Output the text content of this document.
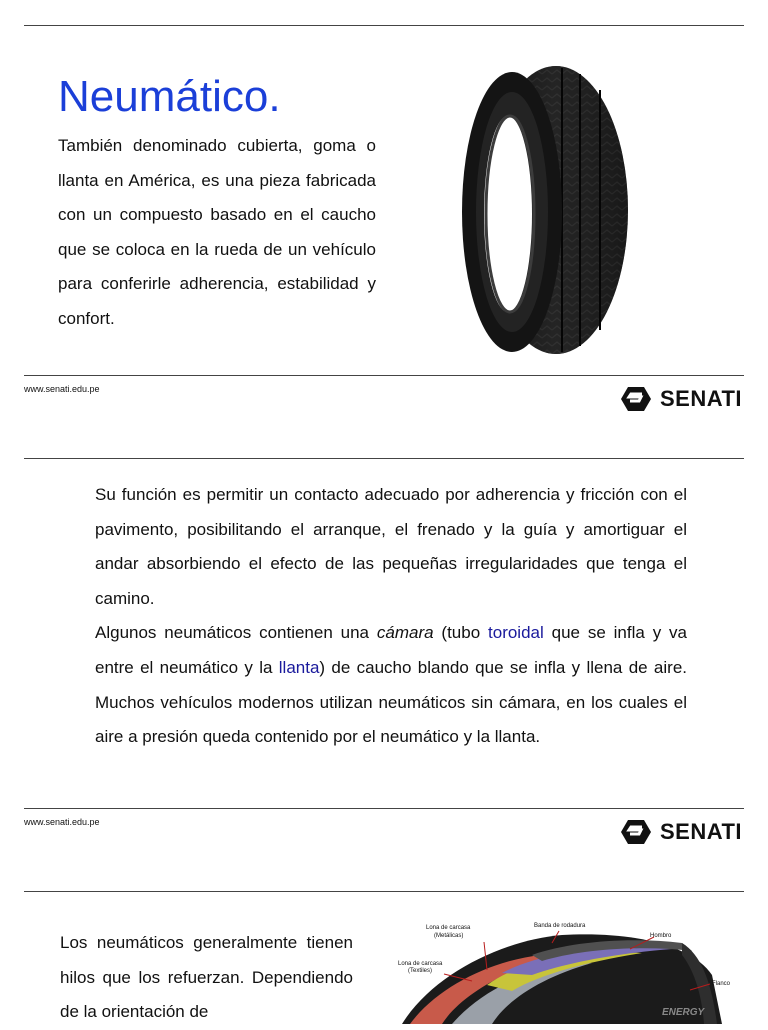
Neumático.
También denominado cubierta, goma o llanta en América, es una pieza fabricada con un compuesto basado en el caucho que se coloca en la rueda de un vehículo para conferirle adherencia, estabilidad y confort.
www.senati.edu.pe	SENATI

Su función es permitir un contacto adecuado por adherencia y fricción con el pavimento, posibilitando el arranque, el frenado y la guía y amortiguar el andar absorbiendo el efecto de las pequeñas irregularidades que tenga el camino.

Algunos neumáticos contienen una cámara (tubo toroidal que se infla y va entre el neumático y la llanta) de caucho blando que se infla y llena de aire. Muchos vehículos modernos utilizan neumáticos sin cámara, en los cuales el aire a presión queda contenido por el neumático y la llanta.

www.senati.edu.pe	SENATI
Los neumáticos generalmente tienen hilos que los refuerzan. Dependiendo de la orientación de	ENERGY
Lona de carcasa
(Metálicas)
Banda de rodadura
Hombro
Lona de carcasa
(Textiles)
Flanco
